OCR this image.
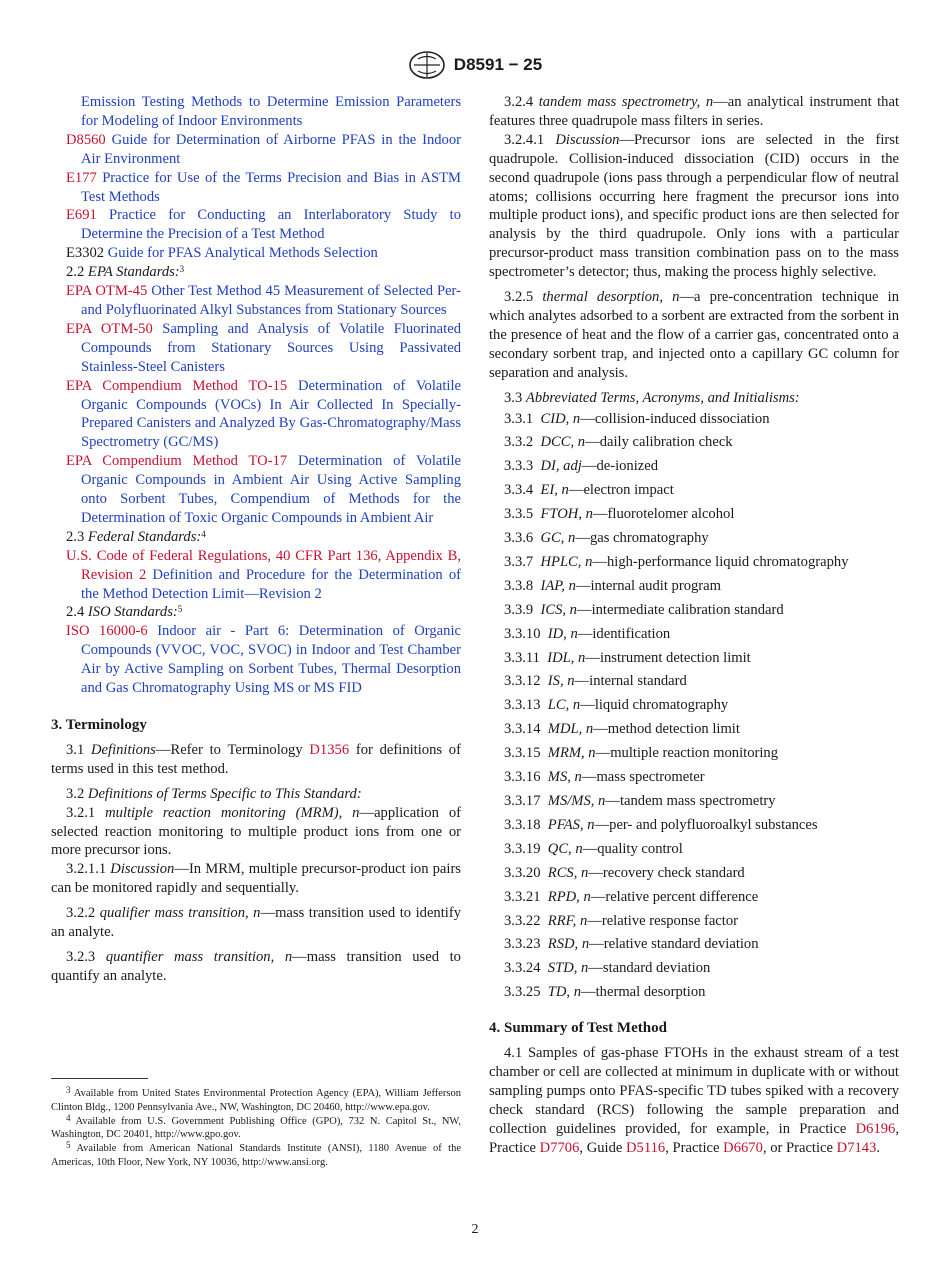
D8591 − 25

Emission Testing Methods to Determine Emission Parameters for Modeling of Indoor Environments

D8560 Guide for Determination of Airborne PFAS in the Indoor Air Environment

E177 Practice for Use of the Terms Precision and Bias in ASTM Test Methods

E691 Practice for Conducting an Interlaboratory Study to Determine the Precision of a Test Method

E3302 Guide for PFAS Analytical Methods Selection

2.2 EPA Standards:$^3$

EPA OTM-45 Other Test Method 45 Measurement of Selected Per- and Polyfluorinated Alkyl Substances from Stationary Sources

EPA OTM-50 Sampling and Analysis of Volatile Fluorinated Compounds from Stationary Sources Using Passivated Stainless-Steel Canisters

EPA Compendium Method TO-15 Determination of Volatile Organic Compounds (VOCs) In Air Collected In Specially-Prepared Canisters and Analyzed By Gas-Chromatography/Mass Spectrometry (GC/MS)

EPA Compendium Method TO-17 Determination of Volatile Organic Compounds in Ambient Air Using Active Sampling onto Sorbent Tubes, Compendium of Methods for the Determination of Toxic Organic Compounds in Ambient Air

2.3 Federal Standards:$^4$

U.S. Code of Federal Regulations, 40 CFR Part 136, Appendix B, Revision 2 Definition and Procedure for the Determination of the Method Detection Limit—Revision 2

2.4 ISO Standards:$^5$

ISO 16000-6 Indoor air - Part 6: Determination of Organic Compounds (VVOC, VOC, SVOC) in Indoor and Test Chamber Air by Active Sampling on Sorbent Tubes, Thermal Desorption and Gas Chromatography Using MS or MS FID

3. Terminology

3.1 Definitions—Refer to Terminology D1356 for definitions of terms used in this test method.

3.2 Definitions of Terms Specific to This Standard:

3.2.1 multiple reaction monitoring (MRM), n—application of selected reaction monitoring to multiple product ions from one or more precursor ions.

3.2.1.1 Discussion—In MRM, multiple precursor-product ion pairs can be monitored rapidly and sequentially.

3.2.2 qualifier mass transition, n—mass transition used to identify an analyte.

3.2.3 quantifier mass transition, n—mass transition used to quantify an analyte.

3.2.4 tandem mass spectrometry, n—an analytical instrument that features three quadrupole mass filters in series.

3.2.4.1 Discussion—Precursor ions are selected in the first quadrupole. Collision-induced dissociation (CID) occurs in the second quadrupole (ions pass through a perpendicular flow of neutral atoms; collisions occurring here fragment the precursor ions into multiple product ions), and specific product ions are then selected for analysis by the third quadrupole. Only ions with a particular precursor-product mass transition combination pass on to the mass spectrometer’s detector; thus, making the process highly selective.

3.2.5 thermal desorption, n—a pre-concentration technique in which analytes adsorbed to a sorbent are extracted from the sorbent in the presence of heat and the flow of a carrier gas, concentrated onto a secondary sorbent trap, and injected onto a capillary GC column for separation and analysis.

3.3 Abbreviated Terms, Acronyms, and Initialisms:

3.3.1 CID, n—collision-induced dissociation

3.3.2 DCC, n—daily calibration check

3.3.3 DI, adj—de-ionized

3.3.4 EI, n—electron impact

3.3.5 FTOH, n—fluorotelomer alcohol

3.3.6 GC, n—gas chromatography

3.3.7 HPLC, n—high-performance liquid chromatography

3.3.8 IAP, n—internal audit program

3.3.9 ICS, n—intermediate calibration standard

3.3.10 ID, n—identification

3.3.11 IDL, n—instrument detection limit

3.3.12 IS, n—internal standard

3.3.13 LC, n—liquid chromatography

3.3.14 MDL, n—method detection limit

3.3.15 MRM, n—multiple reaction monitoring

3.3.16 MS, n—mass spectrometer

3.3.17 MS/MS, n—tandem mass spectrometry

3.3.18 PFAS, n—per- and polyfluoroalkyl substances

3.3.19 QC, n—quality control

3.3.20 RCS, n—recovery check standard

3.3.21 RPD, n—relative percent difference

3.3.22 RRF, n—relative response factor

3.3.23 RSD, n—relative standard deviation

3.3.24 STD, n—standard deviation

3.3.25 TD, n—thermal desorption

4. Summary of Test Method

4.1 Samples of gas-phase FTOHs in the exhaust stream of a test chamber or cell are collected at minimum in duplicate with or without sampling pumps onto PFAS-specific TD tubes spiked with a recovery check standard (RCS) following the sample preparation and collection guidelines provided, for example, in Practice D6196, Practice D7706, Guide D5116, Practice D6670, or Practice D7143.

$^3$ Available from United States Environmental Protection Agency (EPA), William Jefferson Clinton Bldg., 1200 Pennsylvania Ave., NW, Washington, DC 20460, http://www.epa.gov.

$^4$ Available from U.S. Government Publishing Office (GPO), 732 N. Capitol St., NW, Washington, DC 20401, http://www.gpo.gov.

$^5$ Available from American National Standards Institute (ANSI), 1180 Avenue of the Americas, 10th Floor, New York, NY 10036, http://www.ansi.org.

2
